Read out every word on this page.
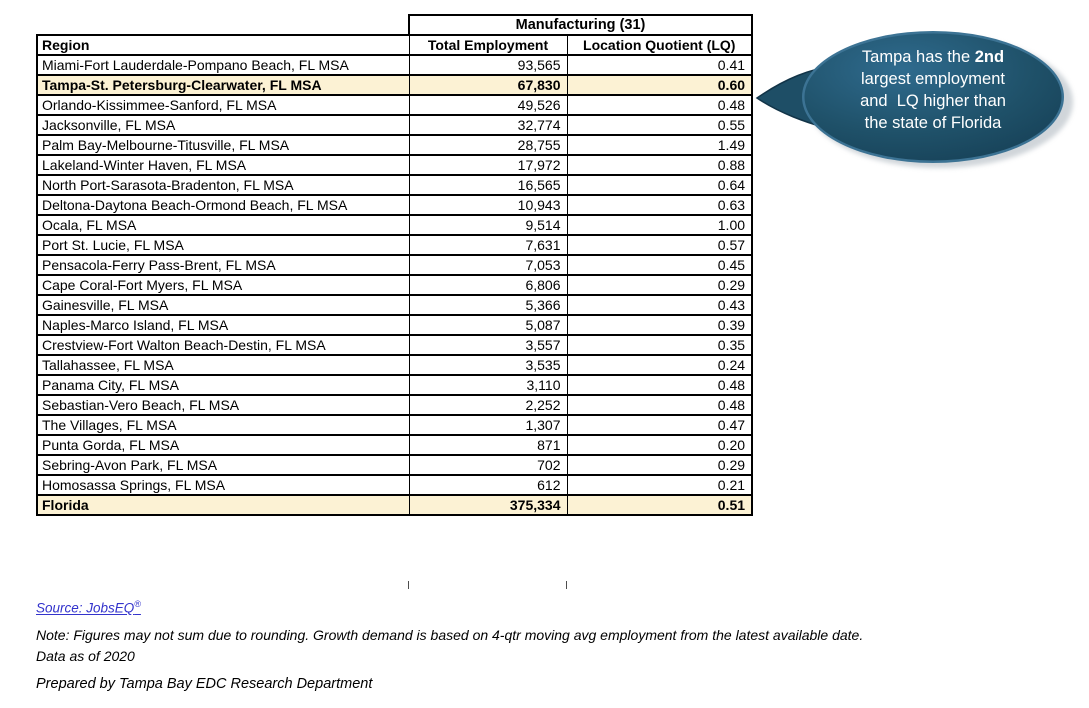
	Manufacturing (31)	
Region	Total Employment	Location Quotient (LQ)
Miami-Fort Lauderdale-Pompano Beach, FL MSA	93,565	0.41
Tampa-St. Petersburg-Clearwater, FL MSA	67,830	0.60
Orlando-Kissimmee-Sanford, FL MSA	49,526	0.48
Jacksonville, FL MSA	32,774	0.55
Palm Bay-Melbourne-Titusville, FL MSA	28,755	1.49
Lakeland-Winter Haven, FL MSA	17,972	0.88
North Port-Sarasota-Bradenton, FL MSA	16,565	0.64
Deltona-Daytona Beach-Ormond Beach, FL MSA	10,943	0.63
Ocala, FL MSA	9,514	1.00
Port St. Lucie, FL MSA	7,631	0.57
Pensacola-Ferry Pass-Brent, FL MSA	7,053	0.45
Cape Coral-Fort Myers, FL MSA	6,806	0.29
Gainesville, FL MSA	5,366	0.43
Naples-Marco Island, FL MSA	5,087	0.39
Crestview-Fort Walton Beach-Destin, FL MSA	3,557	0.35
Tallahassee, FL MSA	3,535	0.24
Panama City, FL MSA	3,110	0.48
Sebastian-Vero Beach, FL MSA	2,252	0.48
The Villages, FL MSA	1,307	0.47
Punta Gorda, FL MSA	871	0.20
Sebring-Avon Park, FL MSA	702	0.29
Homosassa Springs, FL MSA	612	0.21
Florida	375,334	0.51
Tampa has the 2nd
largest employment
and  LQ higher than
the state of Florida
Source: JobsEQ®
Note: Figures may not sum due to rounding. Growth demand is based on 4-qtr moving avg employment from the latest available date.
Data as of 2020
Prepared by Tampa Bay EDC Research Department
